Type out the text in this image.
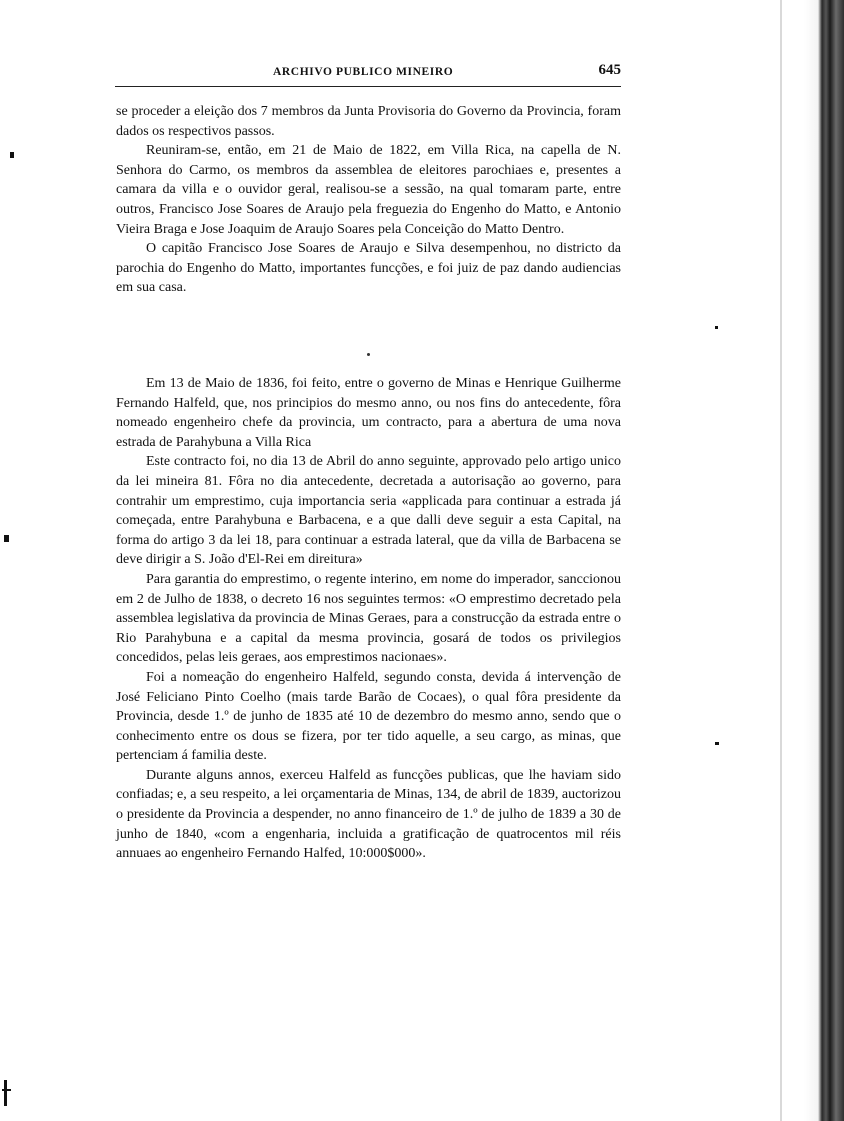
ARCHIVO PUBLICO MINEIRO	645

se proceder a eleição dos 7 membros da Junta Provisoria do Governo da Provincia, foram dados os respectivos passos.

Reuniram-se, então, em 21 de Maio de 1822, em Villa Rica, na capella de N. Senhora do Carmo, os membros da assemblea de eleitores parochiaes e, presentes a camara da villa e o ouvidor geral, realisou-se a sessão, na qual tomaram parte, entre outros, Francisco Jose Soares de Araujo pela freguezia do Engenho do Matto, e Antonio Vieira Braga e Jose Joaquim de Araujo Soares pela Conceição do Matto Dentro.

O capitão Francisco Jose Soares de Araujo e Silva desempenhou, no districto da parochia do Engenho do Matto, importantes funcções, e foi juiz de paz dando audiencias em sua casa.

Em 13 de Maio de 1836, foi feito, entre o governo de Minas e Henrique Guilherme Fernando Halfeld, que, nos principios do mesmo anno, ou nos fins do antecedente, fôra nomeado engenheiro chefe da provincia, um contracto, para a abertura de uma nova estrada de Parahybuna a Villa Rica

Este contracto foi, no dia 13 de Abril do anno seguinte, approvado pelo artigo unico da lei mineira 81. Fôra no dia antecedente, decretada a autorisação ao governo, para contrahir um emprestimo, cuja importancia seria «applicada para continuar a estrada já começada, entre Parahybuna e Barbacena, e a que dalli deve seguir a esta Capital, na forma do artigo 3 da lei 18, para continuar a estrada lateral, que da villa de Barbacena se deve dirigir a S. João d'El-Rei em direitura»

Para garantia do emprestimo, o regente interino, em nome do imperador, sanccionou em 2 de Julho de 1838, o decreto 16 nos seguintes termos: «O emprestimo decretado pela assemblea legislativa da provincia de Minas Geraes, para a construcção da estrada entre o Rio Parahybuna e a capital da mesma provincia, gosará de todos os privilegios concedidos, pelas leis geraes, aos emprestimos nacionaes».

Foi a nomeação do engenheiro Halfeld, segundo consta, devida á intervenção de José Feliciano Pinto Coelho (mais tarde Barão de Cocaes), o qual fôra presidente da Provincia, desde 1.º de junho de 1835 até 10 de dezembro do mesmo anno, sendo que o conhecimento entre os dous se fizera, por ter tido aquelle, a seu cargo, as minas, que pertenciam á familia deste.

Durante alguns annos, exerceu Halfeld as funcções publicas, que lhe haviam sido confiadas; e, a seu respeito, a lei orçamentaria de Minas, 134, de abril de 1839, auctorizou o presidente da Provincia a despender, no anno financeiro de 1.º de julho de 1839 a 30 de junho de 1840, «com a engenharia, incluida a gratificação de quatrocentos mil réis annuaes ao engenheiro Fernando Halfed, 10:000$000».
